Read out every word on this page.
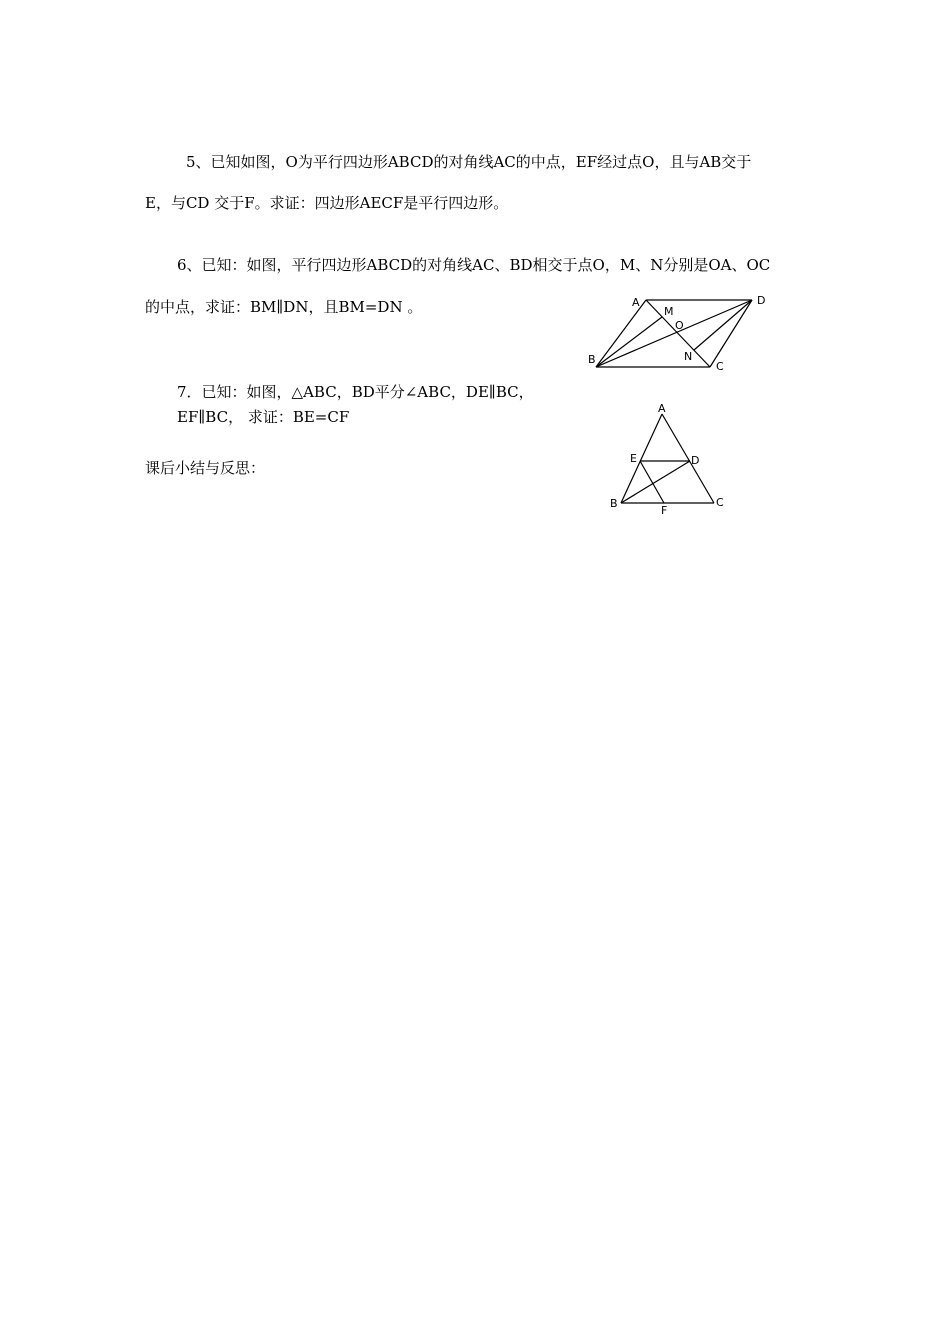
5、已知如图，O为平行四边形ABCD的对角线AC的中点，EF经过点O，且与AB交于
E，与CD 交于F。求证：四边形AECF是平行四边形。
6、已知：如图，平行四边形ABCD的对角线AC、BD相交于点O，M、N分别是OA、OC
的中点，求证：BM∥DN，且BM=DN 。	A
B
C
D
M
O
N
7．已知：如图，△ABC，BD平分∠ABC，DE∥BC，
EF∥BC， 求证：BE=CF
课后小结与反思：
A
B	C
D
E
F
